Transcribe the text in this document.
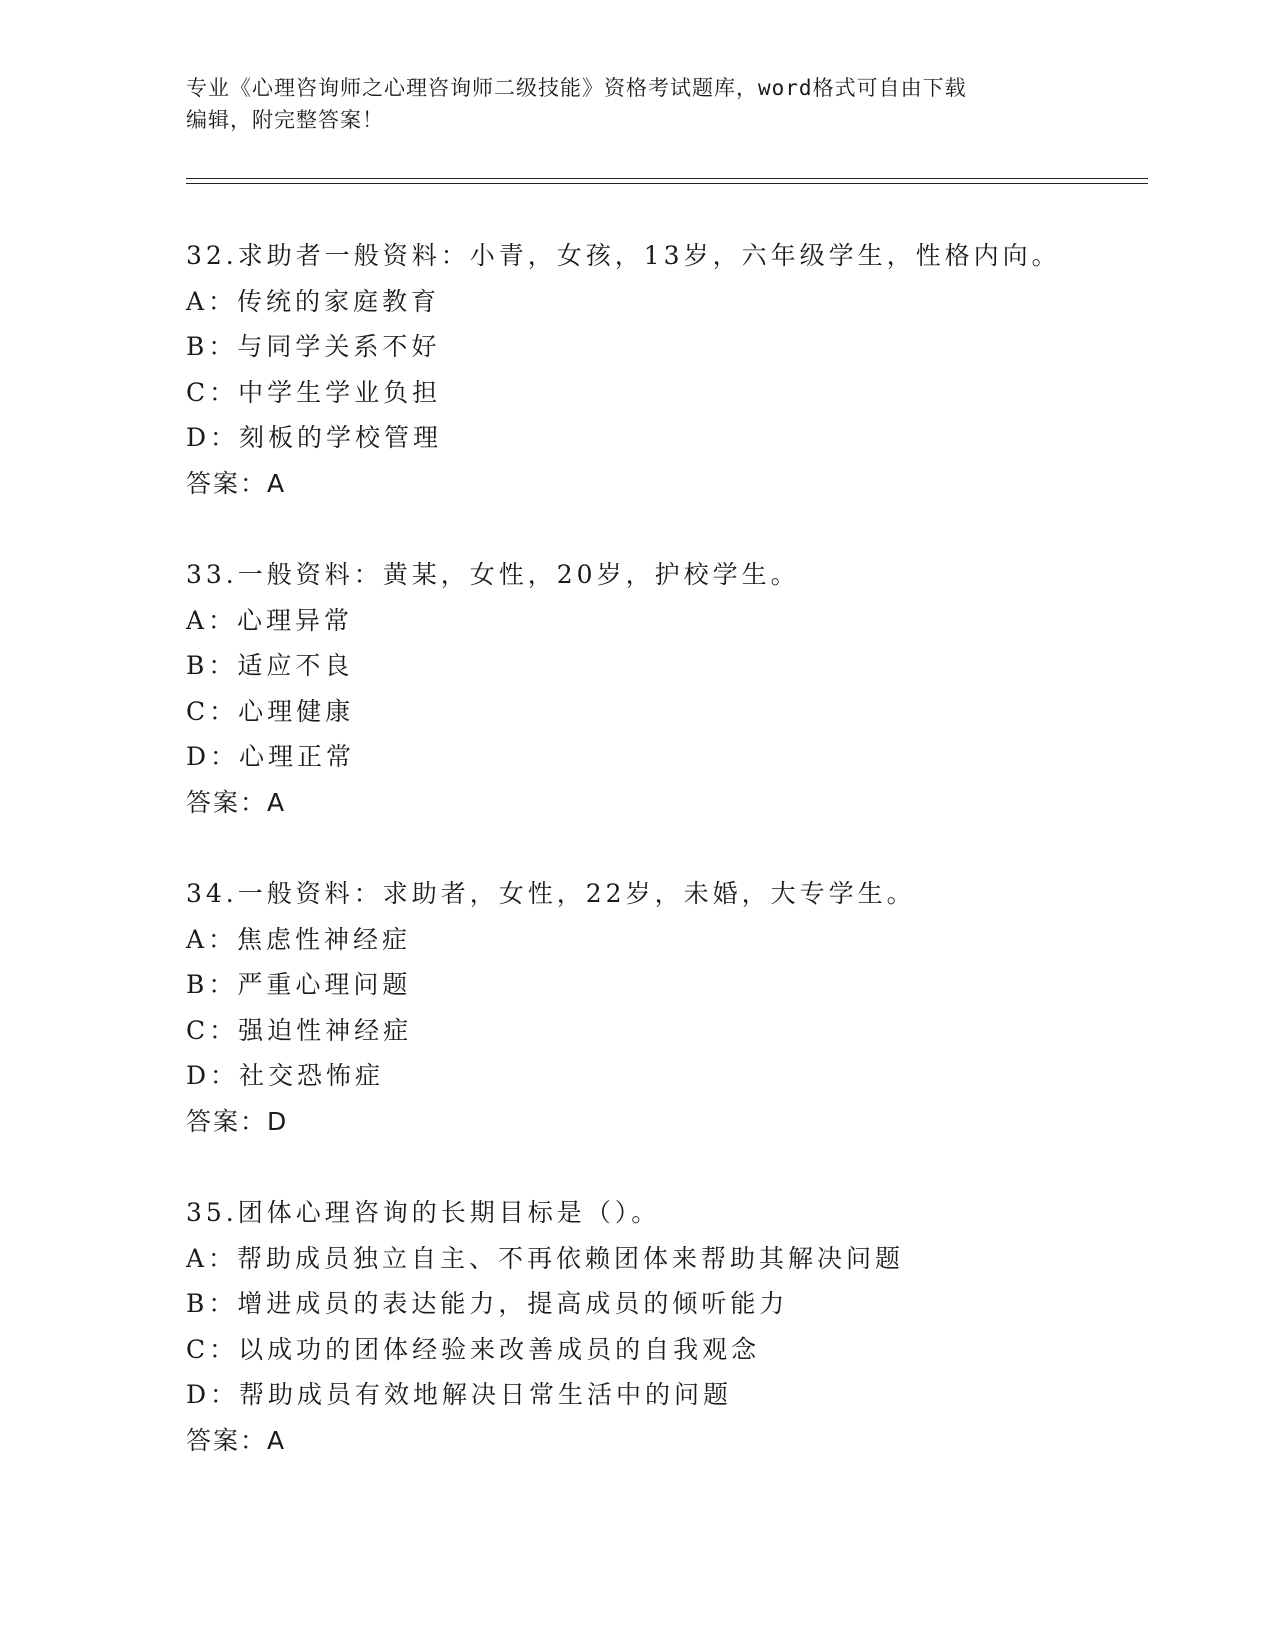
专业《心理咨询师之心理咨询师二级技能》资格考试题库，word格式可自由下载

编辑，附完整答案！

32.求助者一般资料：小青，女孩，13岁，六年级学生，性格内向。
A：传统的家庭教育
B：与同学关系不好
C：中学生学业负担
D：刻板的学校管理
答案：A
33.一般资料：黄某，女性，20岁，护校学生。
A：心理异常
B：适应不良
C：心理健康
D：心理正常
答案：A
34.一般资料：求助者，女性，22岁，未婚，大专学生。
A：焦虑性神经症
B：严重心理问题
C：强迫性神经症
D：社交恐怖症
答案：D
35.团体心理咨询的长期目标是（）。
A：帮助成员独立自主、不再依赖团体来帮助其解决问题
B：增进成员的表达能力，提高成员的倾听能力
C：以成功的团体经验来改善成员的自我观念
D：帮助成员有效地解决日常生活中的问题
答案：A
